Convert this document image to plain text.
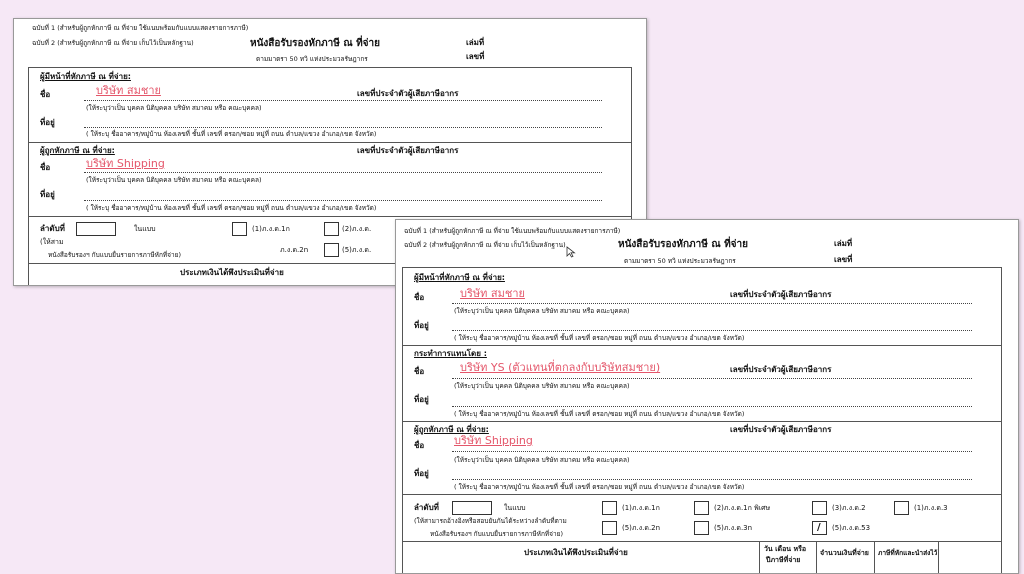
ฉบับที่ 1 (สำหรับผู้ถูกหักภาษี ณ ที่จ่าย ใช้แนบพร้อมกับแบบแสดงรายการภาษี)
ฉบับที่ 2 (สำหรับผู้ถูกหักภาษี ณ ที่จ่าย เก็บไว้เป็นหลักฐาน)	หนังสือรับรองหักภาษี ณ ที่จ่าย
ตามมาตรา 50 ทวิ แห่งประมวลรัษฎากร
เล่มที่
เลขที่
ผู้มีหน้าที่หักภาษี ณ ที่จ่าย:
ชื่อ	บริษัท สมชาย	เลขที่ประจำตัวผู้เสียภาษีอากร
(ให้ระบุว่าเป็น บุคคล นิติบุคคล บริษัท สมาคม หรือ คณะบุคคล)
ที่อยู่
( ให้ระบุ ชื่ออาคาร/หมู่บ้าน ห้องเลขที่ ชั้นที่ เลขที่ ตรอก/ซอย หมู่ที่ ถนน ตำบล/แขวง อำเภอ/เขต จังหวัด)
ผู้ถูกหักภาษี ณ ที่จ่าย:	เลขที่ประจำตัวผู้เสียภาษีอากร
ชื่อ	บริษัท Shipping
(ให้ระบุว่าเป็น บุคคล นิติบุคคล บริษัท สมาคม หรือ คณะบุคคล)
ที่อยู่
( ให้ระบุ ชื่ออาคาร/หมู่บ้าน ห้องเลขที่ ชั้นที่ เลขที่ ตรอก/ซอย หมู่ที่ ถนน ตำบล/แขวง อำเภอ/เขต จังหวัด)
ลำดับที่	ในแบบ	(1)ภ.ง.ด.1ก	(2)ภ.ง.ด.
(ให้สาม
ภ.ง.ด.2n	(5)ภ.ง.ด.
หนังสือรับรองฯ กับแบบยื่นรายการภาษีหักที่จ่าย)
ประเภทเงินได้พึงประเมินที่จ่าย
ฉบับที่ 1 (สำหรับผู้ถูกหักภาษี ณ ที่จ่าย ใช้แนบพร้อมกับแบบแสดงรายการภาษี)
ฉบับที่ 2 (สำหรับผู้ถูกหักภาษี ณ ที่จ่าย เก็บไว้เป็นหลักฐาน)	หนังสือรับรองหักภาษี ณ ที่จ่าย
ตามมาตรา 50 ทวิ แห่งประมวลรัษฎากร
เล่มที่
เลขที่
ผู้มีหน้าที่หักภาษี ณ ที่จ่าย:
ชื่อ	บริษัท สมชาย	เลขที่ประจำตัวผู้เสียภาษีอากร
(ให้ระบุว่าเป็น บุคคล นิติบุคคล บริษัท สมาคม หรือ คณะบุคคล)
ที่อยู่
( ให้ระบุ ชื่ออาคาร/หมู่บ้าน ห้องเลขที่ ชั้นที่ เลขที่ ตรอก/ซอย หมู่ที่ ถนน ตำบล/แขวง อำเภอ/เขต จังหวัด)
กระทำการแทนโดย :
ชื่อ	บริษัท YS (ตัวแทนที่ตกลงกับบริษัทสมชาย)	เลขที่ประจำตัวผู้เสียภาษีอากร
(ให้ระบุว่าเป็น บุคคล นิติบุคคล บริษัท สมาคม หรือ คณะบุคคล)
ที่อยู่
( ให้ระบุ ชื่ออาคาร/หมู่บ้าน ห้องเลขที่ ชั้นที่ เลขที่ ตรอก/ซอย หมู่ที่ ถนน ตำบล/แขวง อำเภอ/เขต จังหวัด)
ผู้ถูกหักภาษี ณ ที่จ่าย:	เลขที่ประจำตัวผู้เสียภาษีอากร
ชื่อ	บริษัท Shipping
(ให้ระบุว่าเป็น บุคคล นิติบุคคล บริษัท สมาคม หรือ คณะบุคคล)
ที่อยู่
( ให้ระบุ ชื่ออาคาร/หมู่บ้าน ห้องเลขที่ ชั้นที่ เลขที่ ตรอก/ซอย หมู่ที่ ถนน ตำบล/แขวง อำเภอ/เขต จังหวัด)
ลำดับที่	ในแบบ	(1)ภ.ง.ด.1ก	(2)ภ.ง.ด.1ก พิเศษ	(3)ภ.ง.ด.2	(1)ภ.ง.ด.3
(ให้สามารถอ้างอิงหรือสอบยันกันได้ระหว่างลำดับที่ตาม
หนังสือรับรองฯ กับแบบยื่นรายการภาษีหักที่จ่าย)
(5)ภ.ง.ด.2n	(5)ภ.ง.ด.3n	/ (5)ภ.ง.ด.53
ประเภทเงินได้พึงประเมินที่จ่าย	วัน เดือน หรือ
ปีภาษีที่จ่าย
จำนวนเงินที่จ่าย ภาษีที่หักและนำส่งไว้
